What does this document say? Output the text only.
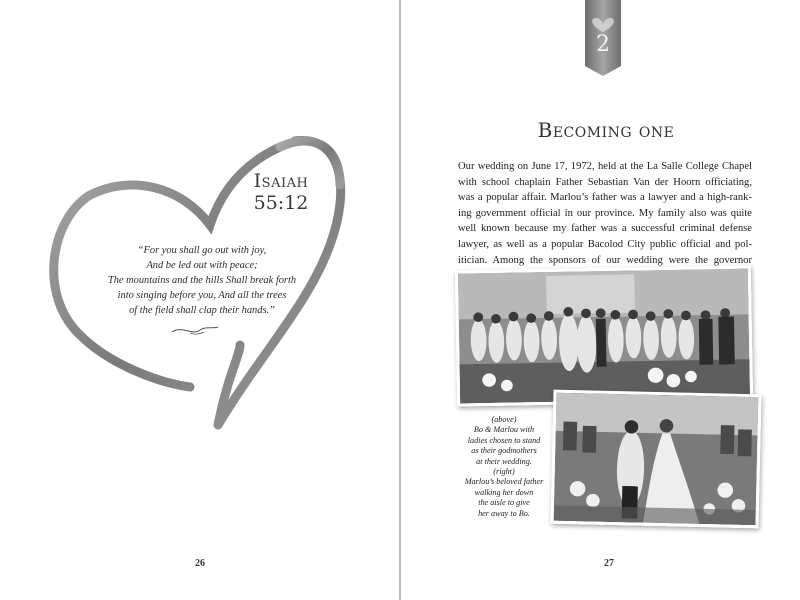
Isaiah
55:12
“For you shall go out with joy,
And be led out with peace;
The mountains and the hills Shall break forth
into singing before you, And all the trees
of the field shall clap their hands.”
26
2
Becoming one
Our wedding on June 17, 1972, held at the La Salle College Chapel
with school chaplain Father Sebastian Van der Hoorn officiating,
was a popular affair. Marlou’s father was a lawyer and a high-rank-
ing government official in our province. My family also was quite
well known because my father was a successful criminal defense
lawyer, as well as a popular Bacolod City public official and pol-
itician. Among the sponsors of our wedding were the governor
(above)
Bo & Marlou with
ladies chosen to stand
as their godmothers
at their wedding.
(right)
Marlou’s beloved father
walking her down
the aisle to give
her away to Bo.
27
